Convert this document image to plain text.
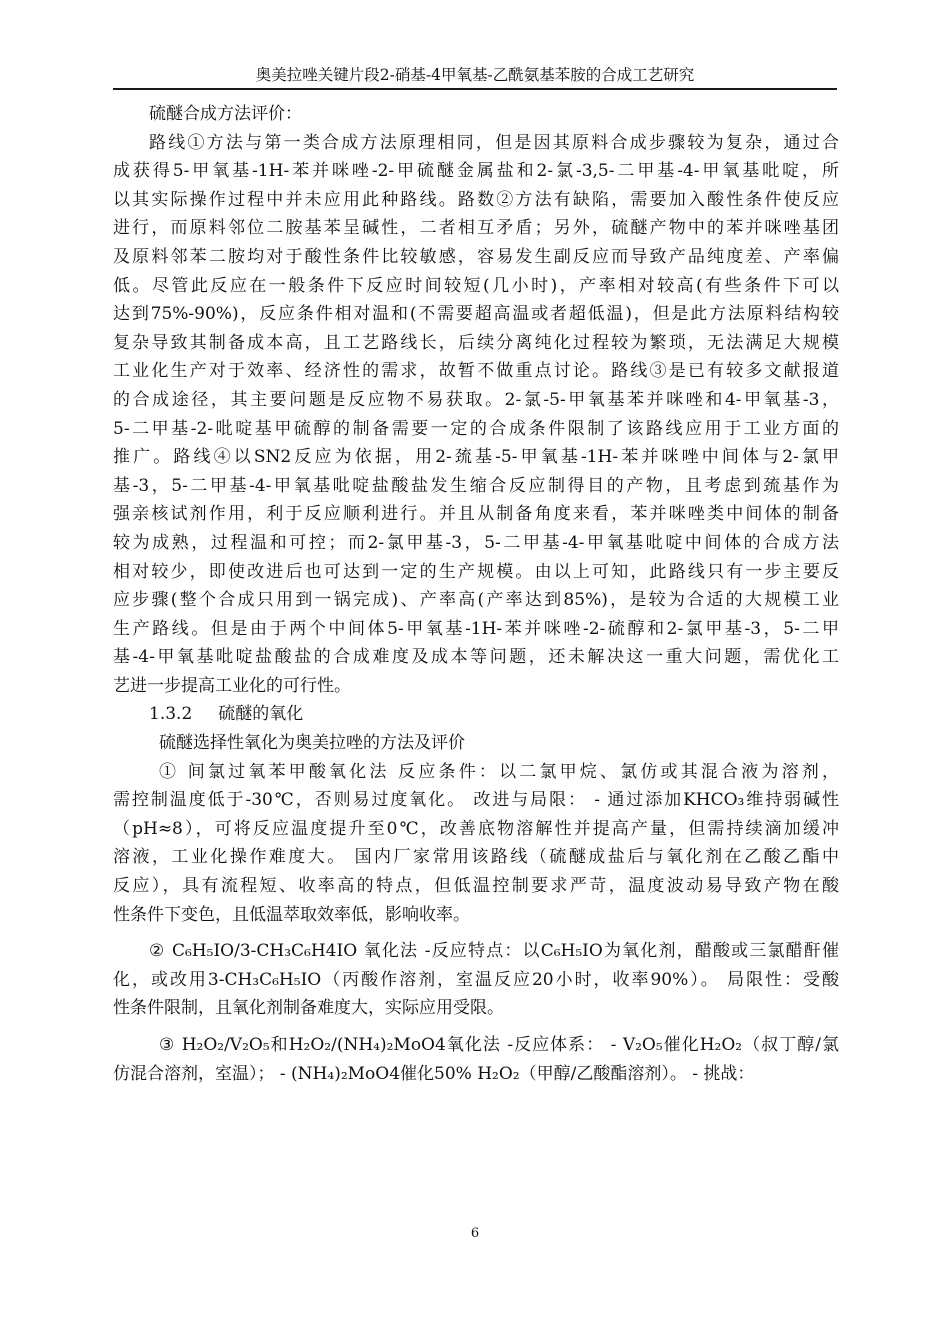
奥美拉唑关键片段2-硝基-4甲氧基-乙酰氨基苯胺的合成工艺研究
硫醚合成方法评价：
路线①方法与第一类合成方法原理相同，但是因其原料合成步骤较为复杂，通过合
成获得5-甲氧基-1H-苯并咪唑-2-甲硫醚金属盐和2-氯-3,5-二甲基-4-甲氧基吡啶，所
以其实际操作过程中并未应用此种路线。路数②方法有缺陷，需要加入酸性条件使反应
进行，而原料邻位二胺基苯呈碱性，二者相互矛盾；另外，硫醚产物中的苯并咪唑基团
及原料邻苯二胺均对于酸性条件比较敏感，容易发生副反应而导致产品纯度差、产率偏
低。尽管此反应在一般条件下反应时间较短(几小时)，产率相对较高(有些条件下可以
达到75%-90%)，反应条件相对温和(不需要超高温或者超低温)，但是此方法原料结构较
复杂导致其制备成本高，且工艺路线长，后续分离纯化过程较为繁琐，无法满足大规模
工业化生产对于效率、经济性的需求，故暂不做重点讨论。路线③是已有较多文献报道
的合成途径，其主要问题是反应物不易获取。2-氯-5-甲氧基苯并咪唑和4-甲氧基-3，
5-二甲基-2-吡啶基甲硫醇的制备需要一定的合成条件限制了该路线应用于工业方面的
推广。路线④以SN2反应为依据，用2-巯基-5-甲氧基-1H-苯并咪唑中间体与2-氯甲
基-3，5-二甲基-4-甲氧基吡啶盐酸盐发生缩合反应制得目的产物，且考虑到巯基作为
强亲核试剂作用，利于反应顺利进行。并且从制备角度来看，苯并咪唑类中间体的制备
较为成熟，过程温和可控；而2-氯甲基-3，5-二甲基-4-甲氧基吡啶中间体的合成方法
相对较少，即使改进后也可达到一定的生产规模。由以上可知，此路线只有一步主要反
应步骤(整个合成只用到一锅完成)、产率高(产率达到85%)，是较为合适的大规模工业
生产路线。但是由于两个中间体5-甲氧基-1H-苯并咪唑-2-硫醇和2-氯甲基-3，5-二甲
基-4-甲氧基吡啶盐酸盐的合成难度及成本等问题，还未解决这一重大问题，需优化工
艺进一步提高工业化的可行性。
1.3.2 硫醚的氧化
硫醚选择性氧化为奥美拉唑的方法及评价
① 间氯过氧苯甲酸氧化法 反应条件：以二氯甲烷、氯仿或其混合液为溶剂，
需控制温度低于-30℃，否则易过度氧化。 改进与局限： - 通过添加KHCO₃维持弱碱性
（pH≈8），可将反应温度提升至0℃，改善底物溶解性并提高产量，但需持续滴加缓冲
溶液，工业化操作难度大。 国内厂家常用该路线（硫醚成盐后与氧化剂在乙酸乙酯中
反应），具有流程短、收率高的特点，但低温控制要求严苛，温度波动易导致产物在酸
性条件下变色，且低温萃取效率低，影响收率。
② C₆H₅IO/3-CH₃C₆H4IO 氧化法 -反应特点：以C₆H₅IO为氧化剂，醋酸或三氯醋酐催
化，或改用3-CH₃C₆H₅IO（丙酸作溶剂，室温反应20小时，收率90%）。 局限性：受酸
性条件限制，且氧化剂制备难度大，实际应用受限。
③ H₂O₂/V₂O₅和H₂O₂/(NH₄)₂MoO4氧化法 -反应体系： - V₂O₅催化H₂O₂（叔丁醇/氯
仿混合溶剂，室温）； - (NH₄)₂MoO4催化50% H₂O₂（甲醇/乙酸酯溶剂）。 - 挑战：
6
